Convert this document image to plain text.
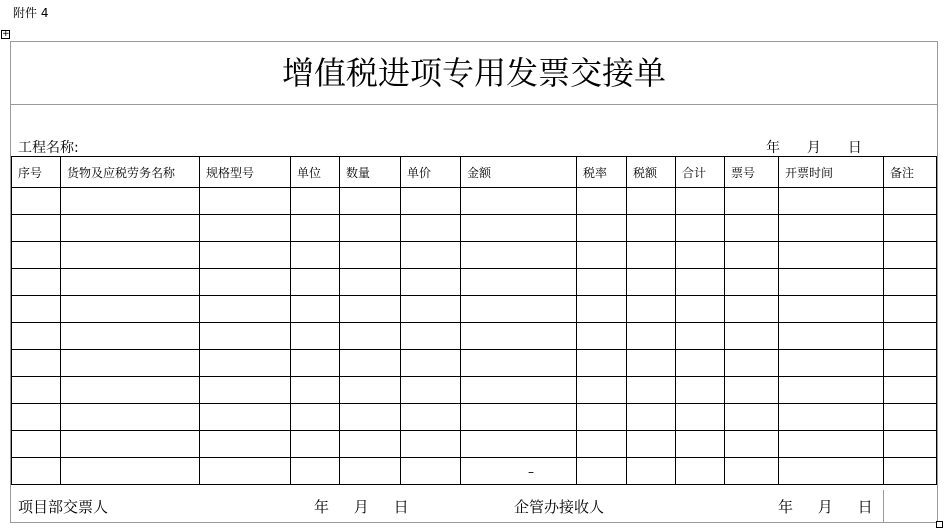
附件 4
+
增值税进项专用发票交接单
工程名称:	年 月 日
序号	货物及应税劳务名称	规格型号	单位	数量	单价	金额	税率	税额	合计	票号	开票时间	备注

						–						

项目部交票人	年 月 日	企管办接收人	年 月 日
